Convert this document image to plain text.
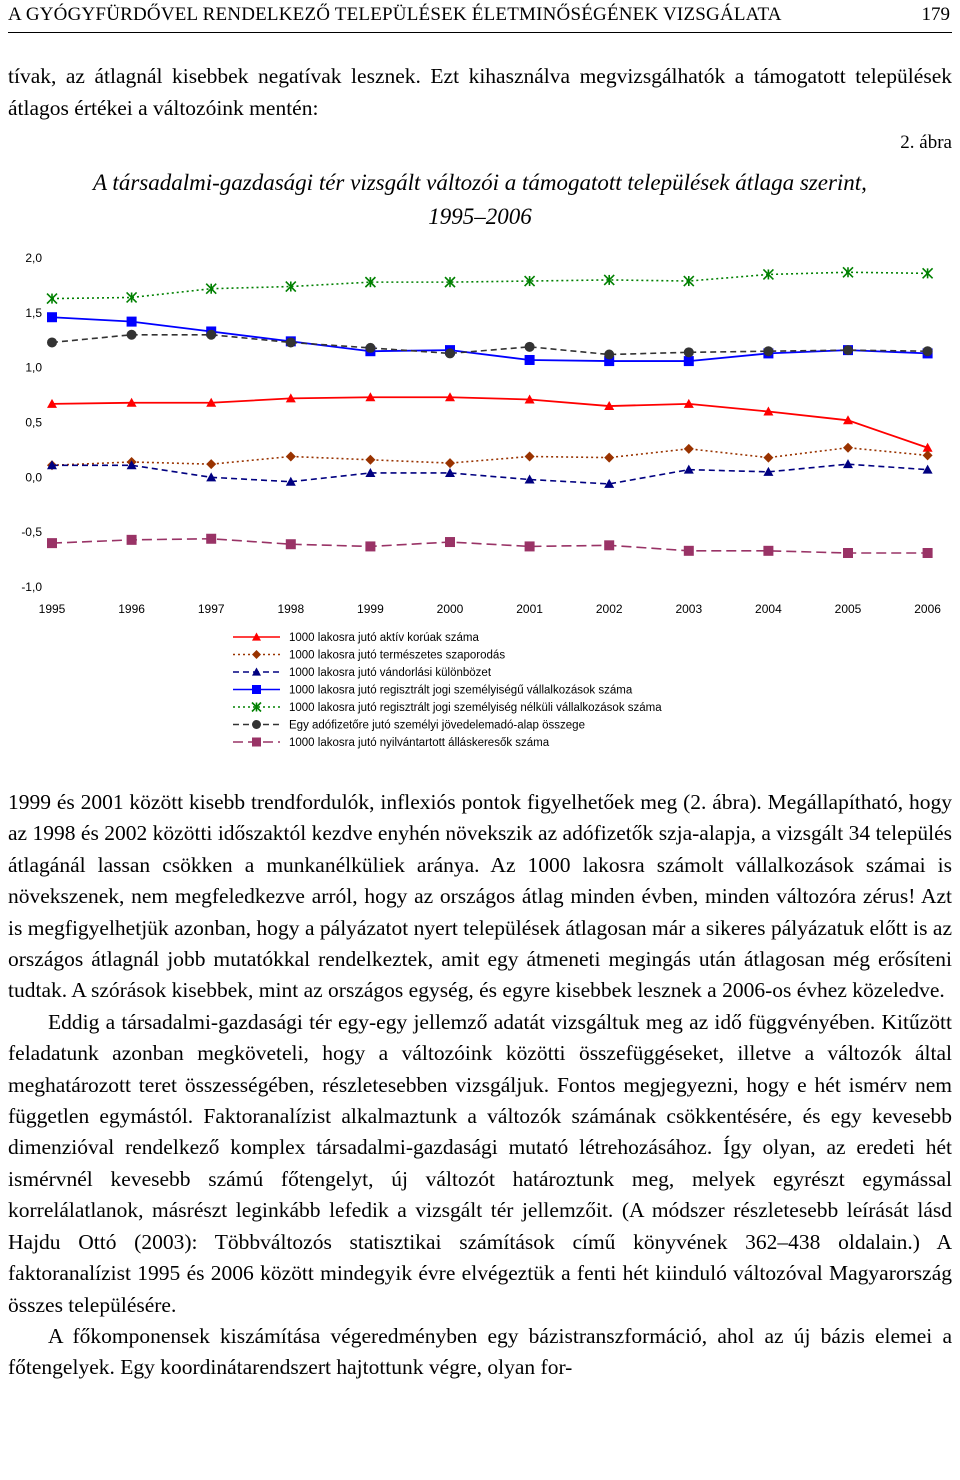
A GYÓGYFÜRDŐVEL RENDELKEZŐ TELEPÜLÉSEK ÉLETMINŐSÉGÉNEK VIZSGÁLATA	179

tívak, az átlagnál kisebbek negatívak lesznek. Ezt kihasználva megvizsgálhatók a támogatott települések átlagos értékei a változóink mentén:

2. ábra
A társadalmi-gazdasági tér vizsgált változói a támogatott települések átlaga szerint,
1995–2006
2,0
1,5
1,0
0,5
0,0
-0,5
-1,0
1995	1996	1997	1998	1999	2000	2001	2002	2003	2004	2005	2006
1000 lakosra jutó aktív korúak száma
1000 lakosra jutó természetes szaporodás
1000 lakosra jutó vándorlási különbözet
1000 lakosra jutó regisztrált jogi személyiségű vállalkozások száma
1000 lakosra jutó regisztrált jogi személyiség nélküli vállalkozások száma
Egy adófizetőre jutó személyi jövedelemadó-alap összege
1000 lakosra jutó nyilvántartott álláskeresők száma

1999 és 2001 között kisebb trendfordulók, inflexiós pontok figyelhetőek meg (2. ábra). Megállapítható, hogy az 1998 és 2002 közötti időszaktól kezdve enyhén növekszik az adófizetők szja-alapja, a vizsgált 34 település átlagánál lassan csökken a munkanélküliek aránya. Az 1000 lakosra számolt vállalkozások számai is növekszenek, nem megfeledkezve arról, hogy az országos átlag minden évben, minden változóra zérus! Azt is megfigyelhetjük azonban, hogy a pályázatot nyert települések átlagosan már a sikeres pályázatuk előtt is az országos átlagnál jobb mutatókkal rendelkeztek, amit egy átmeneti megingás után átlagosan még erősíteni tudtak. A szórások kisebbek, mint az országos egység, és egyre kisebbek lesznek a 2006-os évhez közeledve.

Eddig a társadalmi-gazdasági tér egy-egy jellemző adatát vizsgáltuk meg az idő függvényében. Kitűzött feladatunk azonban megköveteli, hogy a változóink közötti összefüggéseket, illetve a változók által meghatározott teret összességében, részletesebben vizsgáljuk. Fontos megjegyezni, hogy e hét ismérv nem független egymástól. Faktoranalízist alkalmaztunk a változók számának csökkentésére, és egy kevesebb dimenzióval rendelkező komplex társadalmi-gazdasági mutató létrehozásához. Így olyan, az eredeti hét ismérvnél kevesebb számú főtengelyt, új változót határoztunk meg, melyek egyrészt egymással korrelálatlanok, másrészt leginkább lefedik a vizsgált tér jellemzőit. (A módszer részletesebb leírását lásd Hajdu Ottó (2003): Többváltozós statisztikai számítások című könyvének 362–438 oldalain.) A faktoranalízist 1995 és 2006 között mindegyik évre elvégeztük a fenti hét kiinduló változóval Magyarország összes településére.

A főkomponensek kiszámítása végeredményben egy bázistranszformáció, ahol az új bázis elemei a főtengelyek. Egy koordinátarendszert hajtottunk végre, olyan for-
